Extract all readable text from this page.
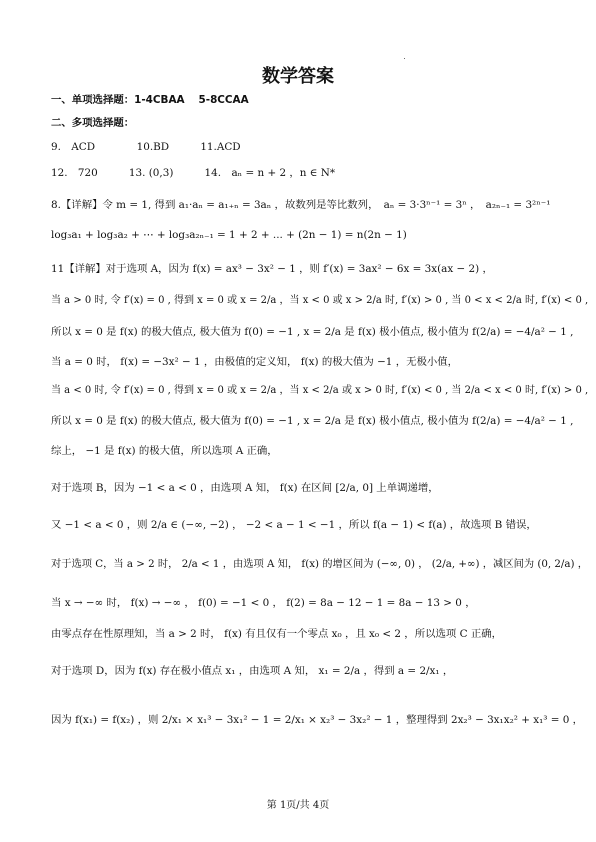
数学答案
一、单项选择题：1-4CBAA　 5-8CCAA
二、多项选择题：
9.　ACD　　　　10.BD　　　11.ACD
12.　720　　　13. (0,3)　　　14.　aₙ = n + 2 ，n ∈ N*
8.【详解】令 m = 1, 得到 a₁·aₙ = a₁₊ₙ = 3aₙ ，故数列是等比数列，　aₙ = 3·3ⁿ⁻¹ = 3ⁿ ，　a₂ₙ₋₁ = 3²ⁿ⁻¹
log₃a₁ + log₃a₂ + ⋯ + log₃a₂ₙ₋₁ = 1 + 2 + ... + (2n − 1) = n(2n − 1)
11【详解】对于选项 A，因为 f(x) = ax³ − 3x² − 1 ，则 f′(x) = 3ax² − 6x = 3x(ax − 2) ，
当 a > 0 时, 令 f′(x) = 0 , 得到 x = 0 或 x = 2/a ，当 x < 0 或 x > 2/a 时, f′(x) > 0 , 当 0 < x < 2/a 时, f′(x) < 0 ,
所以 x = 0 是 f(x) 的极大值点, 极大值为 f(0) = −1 , x = 2/a 是 f(x) 极小值点, 极小值为 f(2/a) = −4/a² − 1 ,
当 a = 0 时， f(x) = −3x² − 1 ，由极值的定义知， f(x) 的极大值为 −1 ，无极小值，
当 a < 0 时, 令 f′(x) = 0 , 得到 x = 0 或 x = 2/a ，当 x < 2/a 或 x > 0 时, f′(x) < 0 , 当 2/a < x < 0 时, f′(x) > 0 ,
所以 x = 0 是 f(x) 的极大值点, 极大值为 f(0) = −1 , x = 2/a 是 f(x) 极小值点, 极小值为 f(2/a) = −4/a² − 1 ,
综上， −1 是 f(x) 的极大值，所以选项 A 正确，
对于选项 B，因为 −1 < a < 0 ，由选项 A 知， f(x) 在区间 [2/a, 0] 上单调递增，
又 −1 < a < 0 ，则 2/a ∈ (−∞, −2) ， −2 < a − 1 < −1 ，所以 f(a − 1) < f(a) ，故选项 B 错误，
对于选项 C，当 a > 2 时， 2/a < 1 ，由选项 A 知， f(x) 的增区间为 (−∞, 0) ， (2/a, +∞) ，减区间为 (0, 2/a) ，
当 x → −∞ 时， f(x) → −∞ ， f(0) = −1 < 0 ， f(2) = 8a − 12 − 1 = 8a − 13 > 0 ，
由零点存在性原理知，当 a > 2 时， f(x) 有且仅有一个零点 x₀ ，且 x₀ < 2 ，所以选项 C 正确，
对于选项 D，因为 f(x) 存在极小值点 x₁ ，由选项 A 知， x₁ = 2/a ，得到 a = 2/x₁ ，
因为 f(x₁) = f(x₂) ，则 2/x₁ × x₁³ − 3x₁² − 1 = 2/x₁ × x₂³ − 3x₂² − 1 ，整理得到 2x₂³ − 3x₁x₂² + x₁³ = 0 ，
第 1页/共 4页
